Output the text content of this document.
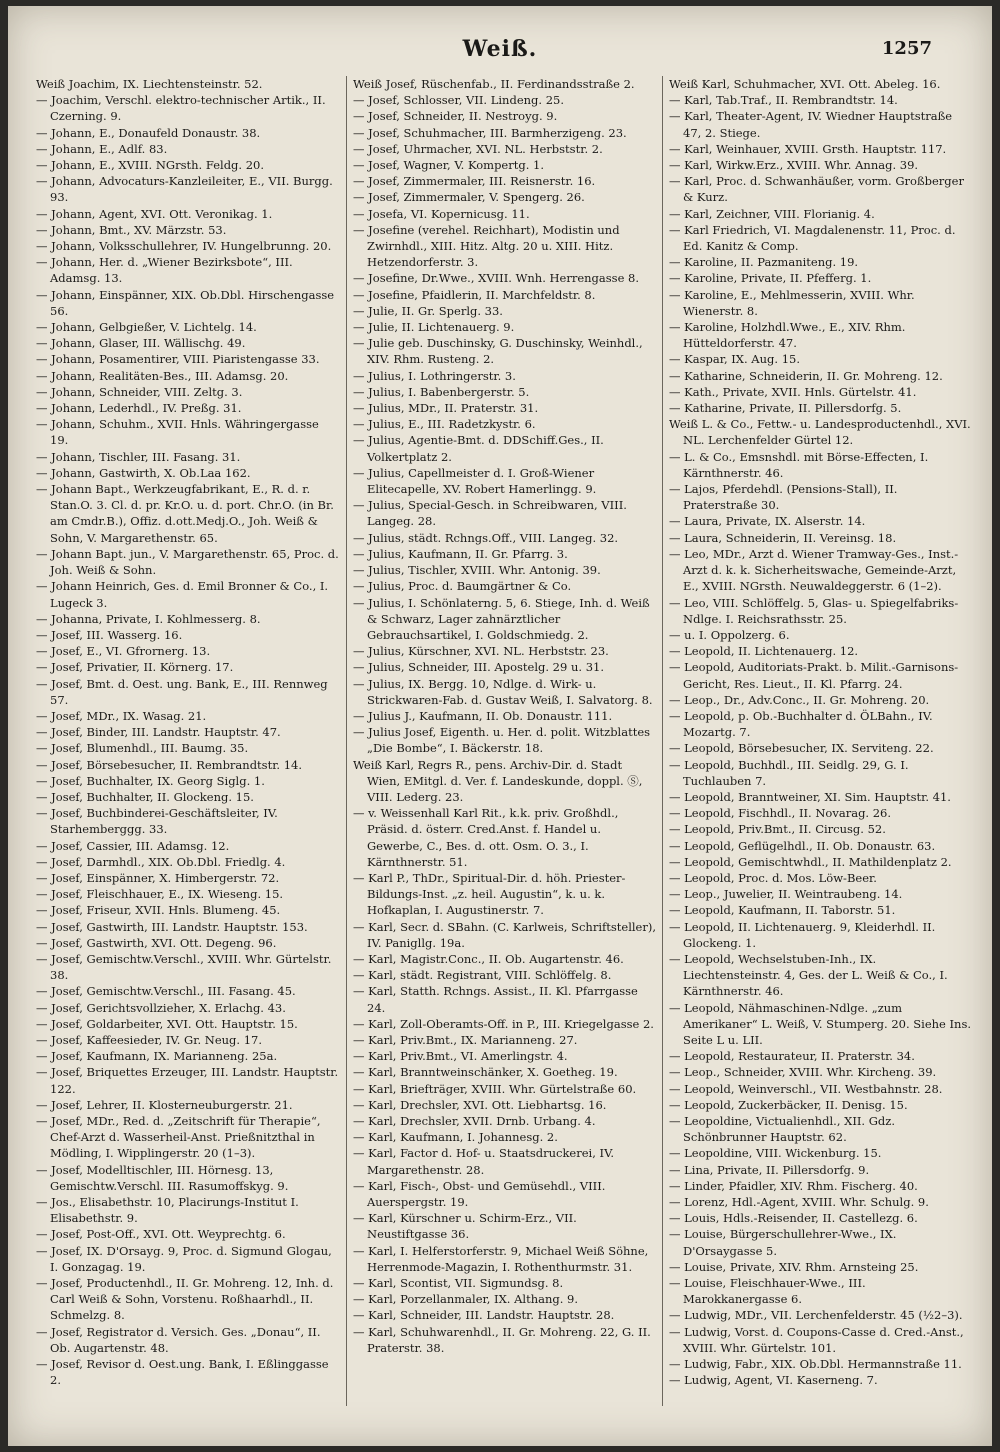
Weiß.	1257
Weiß Joachim, IX. Liechtensteinstr. 52.
— Joachim, Verschl. elektro-technischer Artik., II. Czerning. 9.
— Johann, E., Donaufeld Donaustr. 38.
— Johann, E., Adlf. 83.
— Johann, E., XVIII. NGrsth. Feldg. 20.
— Johann, Advocaturs-Kanzleileiter, E., VII. Burgg. 93.
— Johann, Agent, XVI. Ott. Veronikag. 1.
— Johann, Bmt., XV. Märzstr. 53.
— Johann, Volksschullehrer, IV. Hungelbrunng. 20.
— Johann, Her. d. „Wiener Bezirksbote“, III. Adamsg. 13.
— Johann, Einspänner, XIX. Ob.Dbl. Hirschengasse 56.
— Johann, Gelbgießer, V. Lichtelg. 14.
— Johann, Glaser, III. Wällischg. 49.
— Johann, Posamentirer, VIII. Piaristengasse 33.
— Johann, Realitäten-Bes., III. Adamsg. 20.
— Johann, Schneider, VIII. Zeltg. 3.
— Johann, Lederhdl., IV. Preßg. 31.
— Johann, Schuhm., XVII. Hnls. Währingergasse 19.
— Johann, Tischler, III. Fasang. 31.
— Johann, Gastwirth, X. Ob.Laa 162.
— Johann Bapt., Werkzeugfabrikant, E., R. d. r. Stan.O. 3. Cl. d. pr. Kr.O. u. d. port. Chr.O. (in Br. am Cmdr.B.), Offiz. d.ott.Medj.O., Joh. Weiß & Sohn, V. Margarethenstr. 65.
— Johann Bapt. jun., V. Margarethenstr. 65, Proc. d. Joh. Weiß & Sohn.
— Johann Heinrich, Ges. d. Emil Bronner & Co., I. Lugeck 3.
— Johanna, Private, I. Kohlmesserg. 8.
— Josef, III. Wasserg. 16.
— Josef, E., VI. Gfrornerg. 13.
— Josef, Privatier, II. Körnerg. 17.
— Josef, Bmt. d. Oest. ung. Bank, E., III. Rennweg 57.
— Josef, MDr., IX. Wasag. 21.
— Josef, Binder, III. Landstr. Hauptstr. 47.
— Josef, Blumenhdl., III. Baumg. 35.
— Josef, Börsebesucher, II. Rembrandtstr. 14.
— Josef, Buchhalter, IX. Georg Siglg. 1.
— Josef, Buchhalter, II. Glockeng. 15.
— Josef, Buchbinderei-Geschäftsleiter, IV. Starhemberggg. 33.
— Josef, Cassier, III. Adamsg. 12.
— Josef, Darmhdl., XIX. Ob.Dbl. Friedlg. 4.
— Josef, Einspänner, X. Himbergerstr. 72.
— Josef, Fleischhauer, E., IX. Wieseng. 15.
— Josef, Friseur, XVII. Hnls. Blumeng. 45.
— Josef, Gastwirth, III. Landstr. Hauptstr. 153.
— Josef, Gastwirth, XVI. Ott. Degeng. 96.
— Josef, Gemischtw.Verschl., XVIII. Whr. Gürtelstr. 38.
— Josef, Gemischtw.Verschl., III. Fasang. 45.
— Josef, Gerichtsvollzieher, X. Erlachg. 43.
— Josef, Goldarbeiter, XVI. Ott. Hauptstr. 15.
— Josef, Kaffeesieder, IV. Gr. Neug. 17.
— Josef, Kaufmann, IX. Marianneng. 25a.
— Josef, Briquettes Erzeuger, III. Landstr. Hauptstr. 122.
— Josef, Lehrer, II. Klosterneuburgerstr. 21.
— Josef, MDr., Red. d. „Zeitschrift für Therapie“, Chef-Arzt d. Wasserheil-Anst. Prießnitzthal in Mödling, I. Wipplingerstr. 20 (1–3).
— Josef, Modelltischler, III. Hörnesg. 13, Gemischtw.Verschl. III. Rasumoffskyg. 9.
— Jos., Elisabethstr. 10, Placirungs-Institut I. Elisabethstr. 9.
— Josef, Post-Off., XVI. Ott. Weyprechtg. 6.
— Josef, IX. D'Orsayg. 9, Proc. d. Sigmund Glogau, I. Gonzagag. 19.
— Josef, Productenhdl., II. Gr. Mohreng. 12, Inh. d. Carl Weiß & Sohn, Vorstenu. Roßhaarhdl., II. Schmelzg. 8.
— Josef, Registrator d. Versich. Ges. „Donau“, II. Ob. Augartenstr. 48.
— Josef, Revisor d. Oest.ung. Bank, I. Eßlinggasse 2.
Weiß Josef, Rüschenfab., II. Ferdinandsstraße 2.
— Josef, Schlosser, VII. Lindeng. 25.
— Josef, Schneider, II. Nestroyg. 9.
— Josef, Schuhmacher, III. Barmherzigeng. 23.
— Josef, Uhrmacher, XVI. NL. Herbststr. 2.
— Josef, Wagner, V. Kompertg. 1.
— Josef, Zimmermaler, III. Reisnerstr. 16.
— Josef, Zimmermaler, V. Spengerg. 26.
— Josefa, VI. Kopernicusg. 11.
— Josefine (verehel. Reichhart), Modistin und Zwirnhdl., XIII. Hitz. Altg. 20 u. XIII. Hitz. Hetzendorferstr. 3.
— Josefine, Dr.Wwe., XVIII. Wnh. Herrengasse 8.
— Josefine, Pfaidlerin, II. Marchfeldstr. 8.
— Julie, II. Gr. Sperlg. 33.
— Julie, II. Lichtenauerg. 9.
— Julie geb. Duschinsky, G. Duschinsky, Weinhdl., XIV. Rhm. Rusteng. 2.
— Julius, I. Lothringerstr. 3.
— Julius, I. Babenbergerstr. 5.
— Julius, MDr., II. Praterstr. 31.
— Julius, E., III. Radetzkystr. 6.
— Julius, Agentie-Bmt. d. DDSchiff.Ges., II. Volkertplatz 2.
— Julius, Capellmeister d. I. Groß-Wiener Elitecapelle, XV. Robert Hamerlingg. 9.
— Julius, Special-Gesch. in Schreibwaren, VIII. Langeg. 28.
— Julius, städt. Rchngs.Off., VIII. Langeg. 32.
— Julius, Kaufmann, II. Gr. Pfarrg. 3.
— Julius, Tischler, XVIII. Whr. Antonig. 39.
— Julius, Proc. d. Baumgärtner & Co.
— Julius, I. Schönlaterng. 5, 6. Stiege, Inh. d. Weiß & Schwarz, Lager zahnärztlicher Gebrauchsartikel, I. Goldschmiedg. 2.
— Julius, Kürschner, XVI. NL. Herbststr. 23.
— Julius, Schneider, III. Apostelg. 29 u. 31.
— Julius, IX. Bergg. 10, Ndlge. d. Wirk- u. Strickwaren-Fab. d. Gustav Weiß, I. Salvatorg. 8.
— Julius J., Kaufmann, II. Ob. Donaustr. 111.
— Julius Josef, Eigenth. u. Her. d. polit. Witzblattes „Die Bombe“, I. Bäckerstr. 18.
Weiß Karl, Regrs R., pens. Archiv-Dir. d. Stadt Wien, EMitgl. d. Ver. f. Landeskunde, doppl. Ⓢ, VIII. Lederg. 23.
— v. Weissenhall Karl Rit., k.k. priv. Großhdl., Präsid. d. österr. Cred.Anst. f. Handel u. Gewerbe, C., Bes. d. ott. Osm. O. 3., I. Kärnthnerstr. 51.
— Karl P., ThDr., Spiritual-Dir. d. höh. Priester-Bildungs-Inst. „z. heil. Augustin“, k. u. k. Hofkaplan, I. Augustinerstr. 7.
— Karl, Secr. d. SBahn. (C. Karlweis, Schriftsteller), IV. Panigllg. 19a.
— Karl, Magistr.Conc., II. Ob. Augartenstr. 46.
— Karl, städt. Registrant, VIII. Schlöffelg. 8.
— Karl, Statth. Rchngs. Assist., II. Kl. Pfarrgasse 24.
— Karl, Zoll-Oberamts-Off. in P., III. Kriegelgasse 2.
— Karl, Priv.Bmt., IX. Marianneng. 27.
— Karl, Priv.Bmt., VI. Amerlingstr. 4.
— Karl, Branntweinschänker, X. Goetheg. 19.
— Karl, Briefträger, XVIII. Whr. Gürtelstraße 60.
— Karl, Drechsler, XVI. Ott. Liebhartsg. 16.
— Karl, Drechsler, XVII. Drnb. Urbang. 4.
— Karl, Kaufmann, I. Johannesg. 2.
— Karl, Factor d. Hof- u. Staatsdruckerei, IV. Margarethenstr. 28.
— Karl, Fisch-, Obst- und Gemüsehdl., VIII. Auerspergstr. 19.
— Karl, Kürschner u. Schirm-Erz., VII. Neustiftgasse 36.
— Karl, I. Helferstorferstr. 9, Michael Weiß Söhne, Herrenmode-Magazin, I. Rothenthurmstr. 31.
— Karl, Scontist, VII. Sigmundsg. 8.
— Karl, Porzellanmaler, IX. Althang. 9.
— Karl, Schneider, III. Landstr. Hauptstr. 28.
— Karl, Schuhwarenhdl., II. Gr. Mohreng. 22, G. II. Praterstr. 38.
Weiß Karl, Schuhmacher, XVI. Ott. Abeleg. 16.
— Karl, Tab.Traf., II. Rembrandtstr. 14.
— Karl, Theater-Agent, IV. Wiedner Hauptstraße 47, 2. Stiege.
— Karl, Weinhauer, XVIII. Grsth. Hauptstr. 117.
— Karl, Wirkw.Erz., XVIII. Whr. Annag. 39.
— Karl, Proc. d. Schwanhäußer, vorm. Großberger & Kurz.
— Karl, Zeichner, VIII. Florianig. 4.
— Karl Friedrich, VI. Magdalenenstr. 11, Proc. d. Ed. Kanitz & Comp.
— Karoline, II. Pazmaniteng. 19.
— Karoline, Private, II. Pfefferg. 1.
— Karoline, E., Mehlmesserin, XVIII. Whr. Wienerstr. 8.
— Karoline, Holzhdl.Wwe., E., XIV. Rhm. Hütteldorferstr. 47.
— Kaspar, IX. Aug. 15.
— Katharine, Schneiderin, II. Gr. Mohreng. 12.
— Kath., Private, XVII. Hnls. Gürtelstr. 41.
— Katharine, Private, II. Pillersdorfg. 5.
Weiß L. & Co., Fettw.- u. Landesproductenhdl., XVI. NL. Lerchenfelder Gürtel 12.
— L. & Co., Emsnshdl. mit Börse-Effecten, I. Kärnthnerstr. 46.
— Lajos, Pferdehdl. (Pensions-Stall), II. Praterstraße 30.
— Laura, Private, IX. Alserstr. 14.
— Laura, Schneiderin, II. Vereinsg. 18.
— Leo, MDr., Arzt d. Wiener Tramway-Ges., Inst.-Arzt d. k. k. Sicherheitswache, Gemeinde-Arzt, E., XVIII. NGrsth. Neuwaldeggerstr. 6 (1–2).
— Leo, VIII. Schlöffelg. 5, Glas- u. Spiegelfabriks-Ndlge. I. Reichsrathsstr. 25.
— u. I. Oppolzerg. 6.
— Leopold, II. Lichtenauerg. 12.
— Leopold, Auditoriats-Prakt. b. Milit.-Garnisons-Gericht, Res. Lieut., II. Kl. Pfarrg. 24.
— Leop., Dr., Adv.Conc., II. Gr. Mohreng. 20.
— Leopold, p. Ob.-Buchhalter d. ÖLBahn., IV. Mozartg. 7.
— Leopold, Börsebesucher, IX. Serviteng. 22.
— Leopold, Buchhdl., III. Seidlg. 29, G. I. Tuchlauben 7.
— Leopold, Branntweiner, XI. Sim. Hauptstr. 41.
— Leopold, Fischhdl., II. Novarag. 26.
— Leopold, Priv.Bmt., II. Circusg. 52.
— Leopold, Geflügelhdl., II. Ob. Donaustr. 63.
— Leopold, Gemischtwhdl., II. Mathildenplatz 2.
— Leopold, Proc. d. Mos. Löw-Beer.
— Leop., Juwelier, II. Weintraubeng. 14.
— Leopold, Kaufmann, II. Taborstr. 51.
— Leopold, II. Lichtenauerg. 9, Kleiderhdl. II. Glockeng. 1.
— Leopold, Wechselstuben-Inh., IX. Liechtensteinstr. 4, Ges. der L. Weiß & Co., I. Kärnthnerstr. 46.
— Leopold, Nähmaschinen-Ndlge. „zum Amerikaner“ L. Weiß, V. Stumperg. 20. Siehe Ins. Seite L u. LII.
— Leopold, Restaurateur, II. Praterstr. 34.
— Leop., Schneider, XVIII. Whr. Kircheng. 39.
— Leopold, Weinverschl., VII. Westbahnstr. 28.
— Leopold, Zuckerbäcker, II. Denisg. 15.
— Leopoldine, Victualienhdl., XII. Gdz. Schönbrunner Hauptstr. 62.
— Leopoldine, VIII. Wickenburg. 15.
— Lina, Private, II. Pillersdorfg. 9.
— Linder, Pfaidler, XIV. Rhm. Fischerg. 40.
— Lorenz, Hdl.-Agent, XVIII. Whr. Schulg. 9.
— Louis, Hdls.-Reisender, II. Castellezg. 6.
— Louise, Bürgerschullehrer-Wwe., IX. D'Orsaygasse 5.
— Louise, Private, XIV. Rhm. Arnsteing 25.
— Louise, Fleischhauer-Wwe., III. Marokkanergasse 6.
— Ludwig, MDr., VII. Lerchenfelderstr. 45 (½2–3).
— Ludwig, Vorst. d. Coupons-Casse d. Cred.-Anst., XVIII. Whr. Gürtelstr. 101.
— Ludwig, Fabr., XIX. Ob.Dbl. Hermannstraße 11.
— Ludwig, Agent, VI. Kaserneng. 7.
